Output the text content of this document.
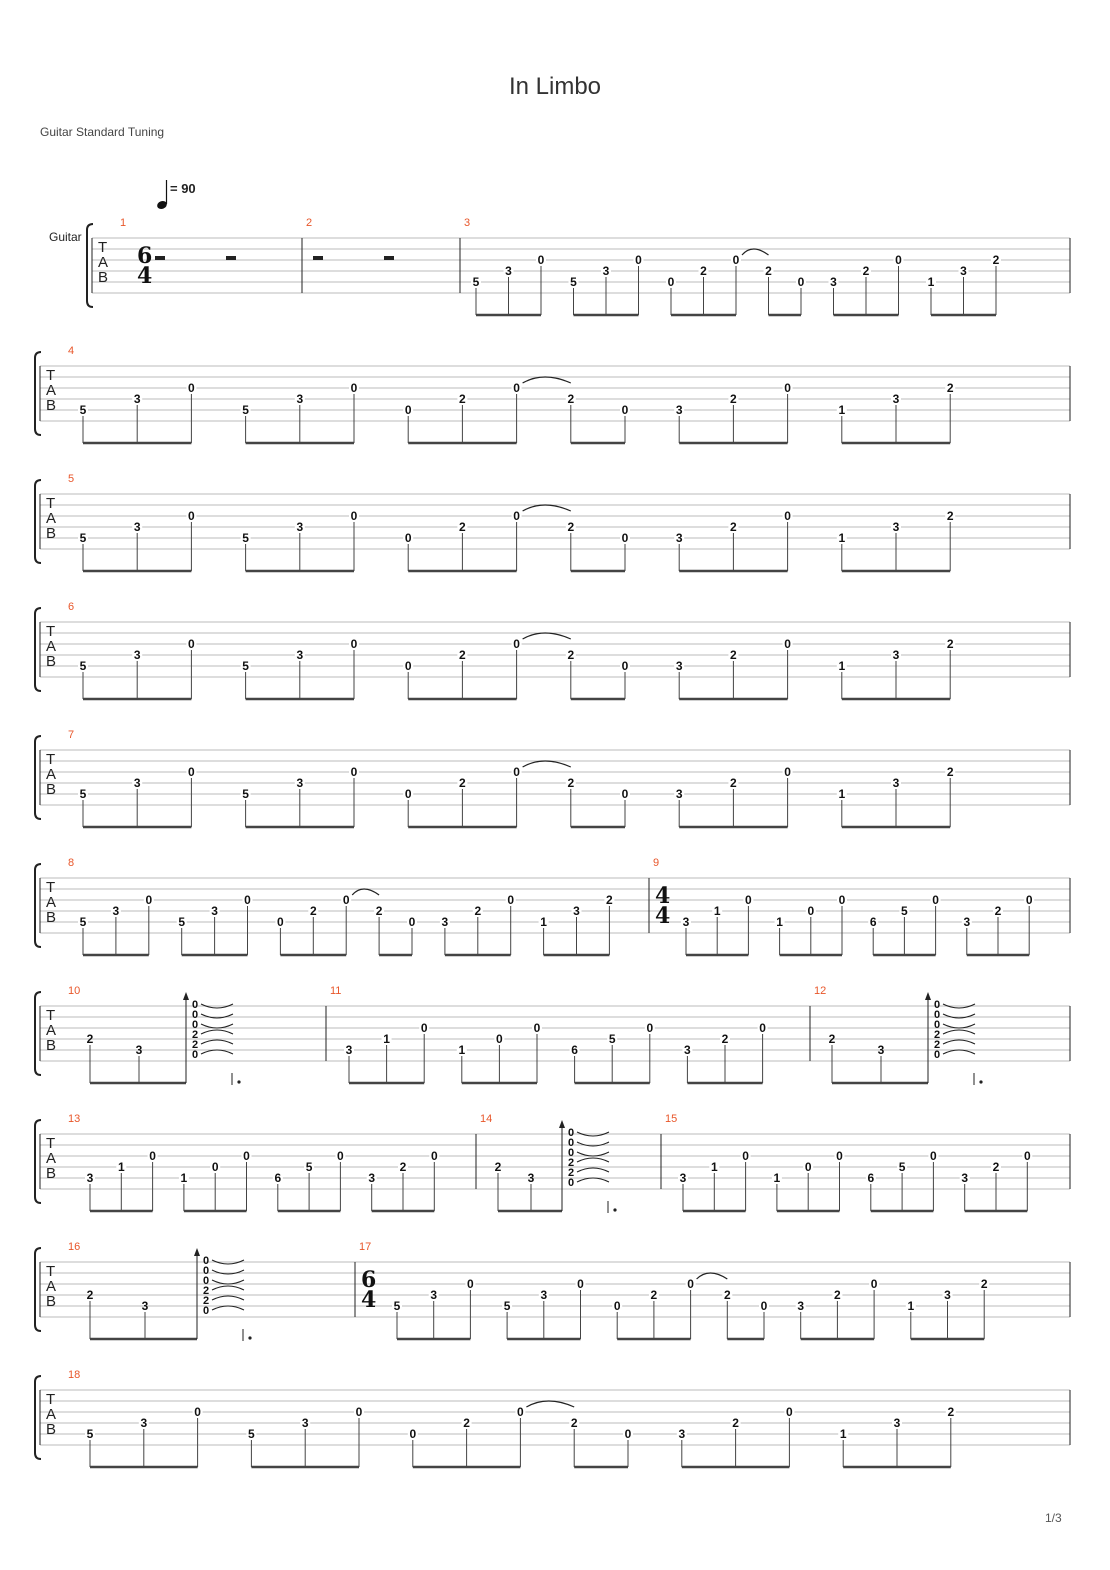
In Limbo
Guitar Standard Tuning
1/3
= 90
Guitar
T
A
B
1
6
4
2	3
5
3
0
5
3
0
0
2
0
2
0 3
2
0
1
3
2
T
A
B
4
5
3
0
5
3
0
0
2
0
2
0	3
2
0
1
3
2
T
A
B
5
5
3
0
5
3
0
0
2
0
2
0	3
2
0
1
3
2
T
A
B
6
5
3
0
5
3
0
0
2
0
2
0	3
2
0
1
3
2
T
A
B
7
5
3
0
5
3
0
0
2
0
2
0	3
2
0
1
3
2
T
A
B
8
5
3
0
5
3
0
0
2
0
2
0 3
2
0
1
3
2
9
4
4 3
1
0
1
0
0
6
5
0
3
2
0
T
A
B
10
2
3
0
0
0
2
2
0
11
3
1
0
1
0
0
6
5
0
3
2
0
12
2
3
0
0
0
2
2
0
T
A
B
13
3
1
0
1
0
0
6
5
0
3
2
0
14
2
3
0
0
0
2
2
0
15
3
1
0
1
0
0
6
5
0
3
2
0
T
A
B
16
2
3
0
0
0
2
2
0
17
6
4 5
3
0
5
3
0
0
2
0
2
0	3
2
0
1
3
2
T
A
B
18
5
3
0
5
3
0
0
2
0
2
0	3
2
0
1
3
2
